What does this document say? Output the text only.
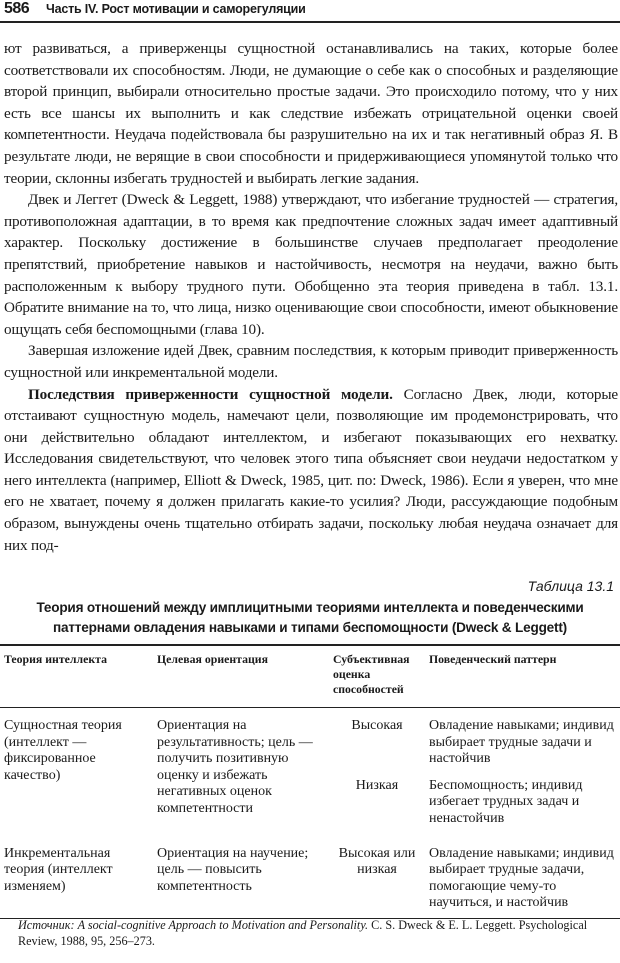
586 Часть IV. Рост мотивации и саморегуляции

ют развиваться, а приверженцы сущностной останавливались на таких, которые более соответствовали их способностям. Люди, не думающие о себе как о способных и разделяющие второй принцип, выбирали относительно простые задачи. Это происходило потому, что у них есть все шансы их выполнить и как следствие избежать отрицательной оценки своей компетентности. Неудача подействовала бы разрушительно на их и так негативный образ Я. В результате люди, не верящие в свои способности и придерживающиеся упомянутой только что теории, склонны избегать трудностей и выбирать легкие задания.

Двек и Леггет (Dweck & Leggett, 1988) утверждают, что избегание трудностей — стратегия, противоположная адаптации, в то время как предпочтение сложных задач имеет адаптивный характер. Поскольку достижение в большинстве случаев предполагает преодоление препятствий, приобретение навыков и настойчивость, несмотря на неудачи, важно быть расположенным к выбору трудного пути. Обобщенно эта теория приведена в табл. 13.1. Обратите внимание на то, что лица, низко оценивающие свои способности, имеют обыкновение ощущать себя беспомощными (глава 10).

Завершая изложение идей Двек, сравним последствия, к которым приводит приверженность сущностной или инкрементальной модели.

Последствия приверженности сущностной модели. Согласно Двек, люди, которые отстаивают сущностную модель, намечают цели, позволяющие им продемонстрировать, что они действительно обладают интеллектом, и избегают показывающих его нехватку. Исследования свидетельствуют, что человек этого типа объясняет свои неудачи недостатком у него интеллекта (например, Elliott & Dweck, 1985, цит. по: Dweck, 1986). Если я уверен, что мне его не хватает, почему я должен прилагать какие-то усилия? Люди, рассуждающие подобным образом, вынуждены очень тщательно отбирать задачи, поскольку любая неудача означает для них под-

Таблица 13.1
Теория отношений между имплицитными теориями интеллекта и поведенческими
паттернами овладения навыками и типами беспомощности (Dweck & Leggett)
Теория интеллекта	Целевая ориентация	Субъективная оценка способностей	Поведенческий паттерн
Сущностная теория (интеллект — фиксированное качество)	Ориентация на результативность; цель — получить позитивную оценку и избежать негативных оценок компетентности	Высокая	Овладение навыками; индивид выбирает трудные задачи и настойчив
		Низкая	Беспомощность; индивид избегает трудных задач и ненастойчив
Инкрементальная теория (интеллект изменяем)	Ориентация на научение; цель — повысить компетентность	Высокая или низкая	Овладение навыками; индивид выбирает трудные задачи, помогающие чему-то научиться, и настойчив
Источник: A social-cognitive Approach to Motivation and Personality. C. S. Dweck & E. L. Leggett. Psychological Review, 1988, 95, 256–273.
